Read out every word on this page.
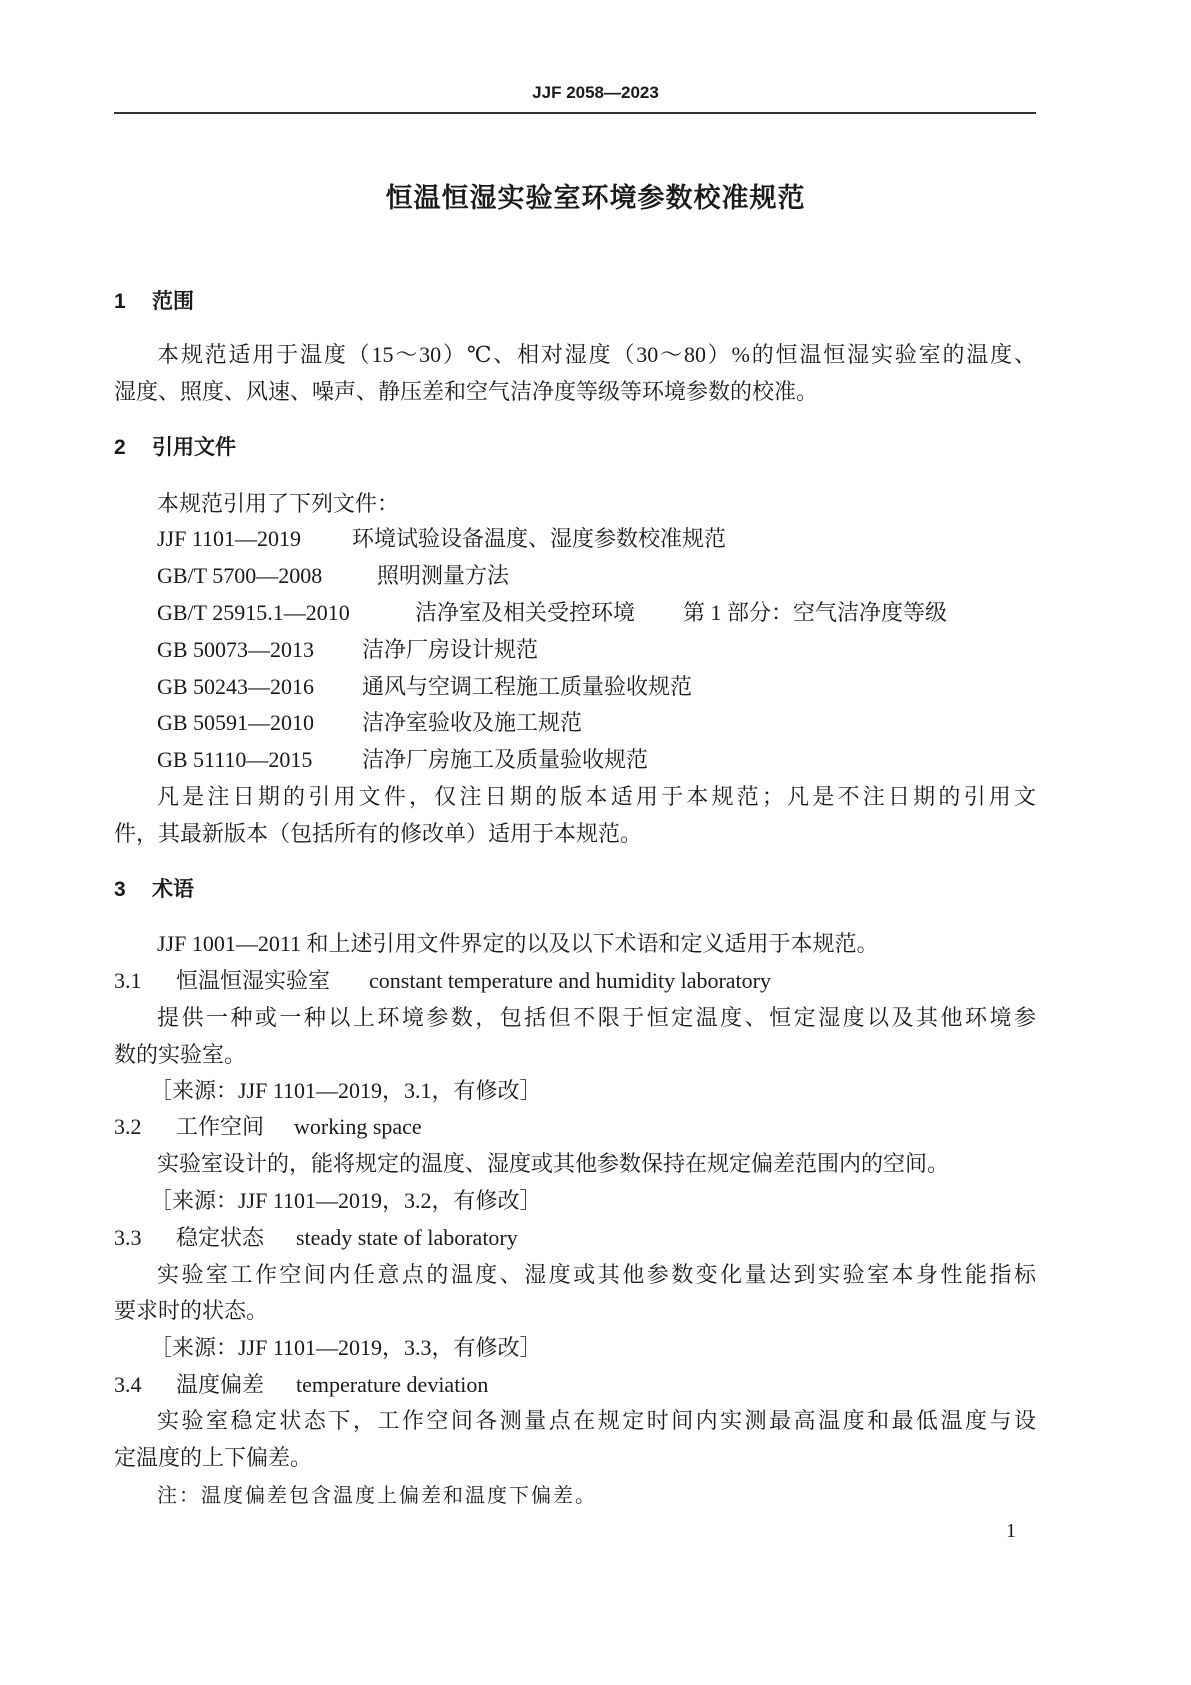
JJF 2058—2023
恒温恒湿实验室环境参数校准规范
1 范围
本规范适用于温度（15～30）℃、相对湿度（30～80）%的恒温恒湿实验室的温度、
湿度、照度、风速、噪声、静压差和空气洁净度等级等环境参数的校准。
2 引用文件
本规范引用了下列文件：
JJF 1101—2019 环境试验设备温度、湿度参数校准规范
GB/T 5700—2008 照明测量方法
GB/T 25915.1—2010	洁净室及相关受控环境 第 1 部分：空气洁净度等级
GB 50073—2013 洁净厂房设计规范
GB 50243—2016 通风与空调工程施工质量验收规范
GB 50591—2010 洁净室验收及施工规范
GB 51110—2015 洁净厂房施工及质量验收规范
凡是注日期的引用文件，仅注日期的版本适用于本规范；凡是不注日期的引用文
件，其最新版本（包括所有的修改单）适用于本规范。
3 术语
JJF 1001—2011 和上述引用文件界定的以及以下术语和定义适用于本规范。
3.1 恒温恒湿实验室 constant temperature and humidity laboratory
提供一种或一种以上环境参数，包括但不限于恒定温度、恒定湿度以及其他环境参
数的实验室。
［来源：JJF 1101—2019，3.1，有修改］
3.2 工作空间 working space
实验室设计的，能将规定的温度、湿度或其他参数保持在规定偏差范围内的空间。
［来源：JJF 1101—2019，3.2，有修改］
3.3 稳定状态 steady state of laboratory
实验室工作空间内任意点的温度、湿度或其他参数变化量达到实验室本身性能指标
要求时的状态。
［来源：JJF 1101—2019，3.3，有修改］
3.4 温度偏差 temperature deviation
实验室稳定状态下，工作空间各测量点在规定时间内实测最高温度和最低温度与设
定温度的上下偏差。
注：温度偏差包含温度上偏差和温度下偏差。
1
